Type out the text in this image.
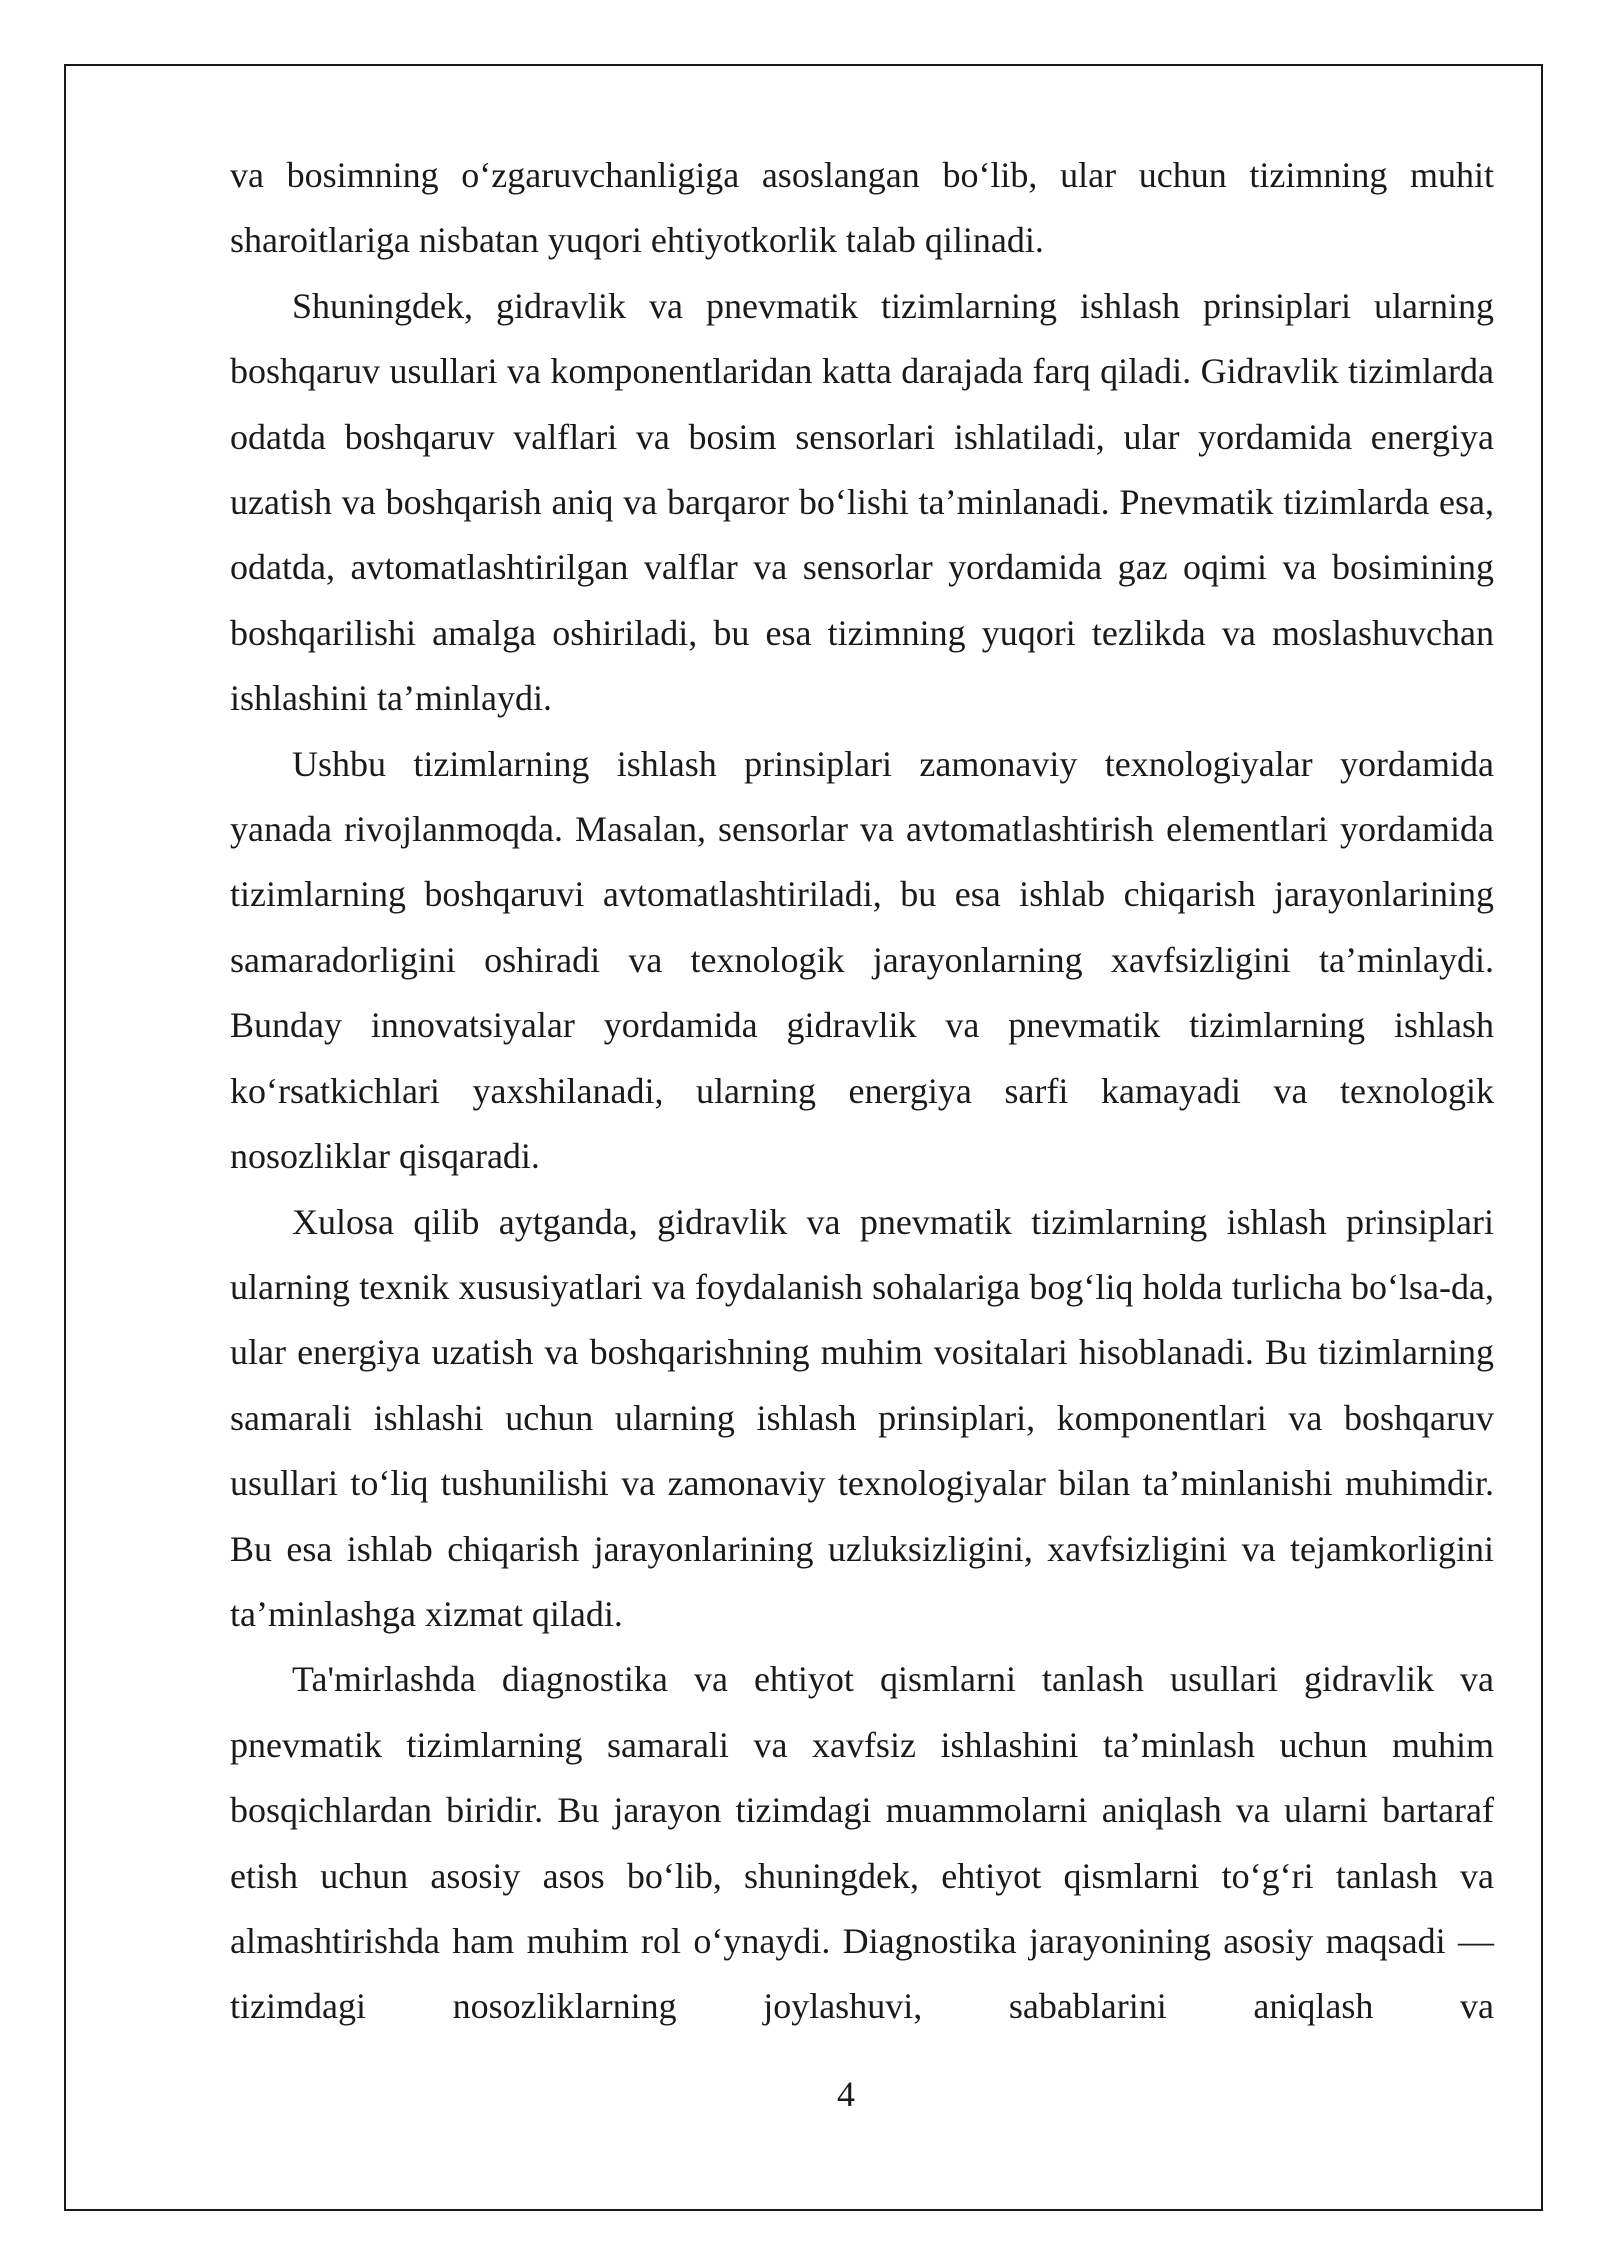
va bosimning o‘zgaruvchanligiga asoslangan bo‘lib, ular uchun tizimning muhit sharoitlariga nisbatan yuqori ehtiyotkorlik talab qilinadi.

Shuningdek, gidravlik va pnevmatik tizimlarning ishlash prinsiplari ularning boshqaruv usullari va komponentlaridan katta darajada farq qiladi. Gidravlik tizimlarda odatda boshqaruv valflari va bosim sensorlari ishlatiladi, ular yordamida energiya uzatish va boshqarish aniq va barqaror bo‘lishi ta’minlanadi. Pnevmatik tizimlarda esa, odatda, avtomatlashtirilgan valflar va sensorlar yordamida gaz oqimi va bosimining boshqarilishi amalga oshiriladi, bu esa tizimning yuqori tezlikda va moslashuvchan ishlashini ta’minlaydi.

Ushbu tizimlarning ishlash prinsiplari zamonaviy texnologiyalar yordamida yanada rivojlanmoqda. Masalan, sensorlar va avtomatlashtirish elementlari yordamida tizimlarning boshqaruvi avtomatlashtiriladi, bu esa ishlab chiqarish jarayonlarining samaradorligini oshiradi va texnologik jarayonlarning xavfsizligini ta’minlaydi. Bunday innovatsiyalar yordamida gidravlik va pnevmatik tizimlarning ishlash ko‘rsatkichlari yaxshilanadi, ularning energiya sarfi kamayadi va texnologik nosozliklar qisqaradi.

Xulosa qilib aytganda, gidravlik va pnevmatik tizimlarning ishlash prinsiplari ularning texnik xususiyatlari va foydalanish sohalariga bog‘liq holda turlicha bo‘lsa-da, ular energiya uzatish va boshqarishning muhim vositalari hisoblanadi. Bu tizimlarning samarali ishlashi uchun ularning ishlash prinsiplari, komponentlari va boshqaruv usullari to‘liq tushunilishi va zamonaviy texnologiyalar bilan ta’minlanishi muhimdir. Bu esa ishlab chiqarish jarayonlarining uzluksizligini, xavfsizligini va tejamkorligini ta’minlashga xizmat qiladi.

Ta'mirlashda diagnostika va ehtiyot qismlarni tanlash usullari gidravlik va pnevmatik tizimlarning samarali va xavfsiz ishlashini ta’minlash uchun muhim bosqichlardan biridir. Bu jarayon tizimdagi muammolarni aniqlash va ularni bartaraf etish uchun asosiy asos bo‘lib, shuningdek, ehtiyot qismlarni to‘g‘ri tanlash va almashtirishda ham muhim rol o‘ynaydi. Diagnostika jarayonining asosiy maqsadi — tizimdagi nosozliklarning joylashuvi, sabablarini aniqlash va

4
